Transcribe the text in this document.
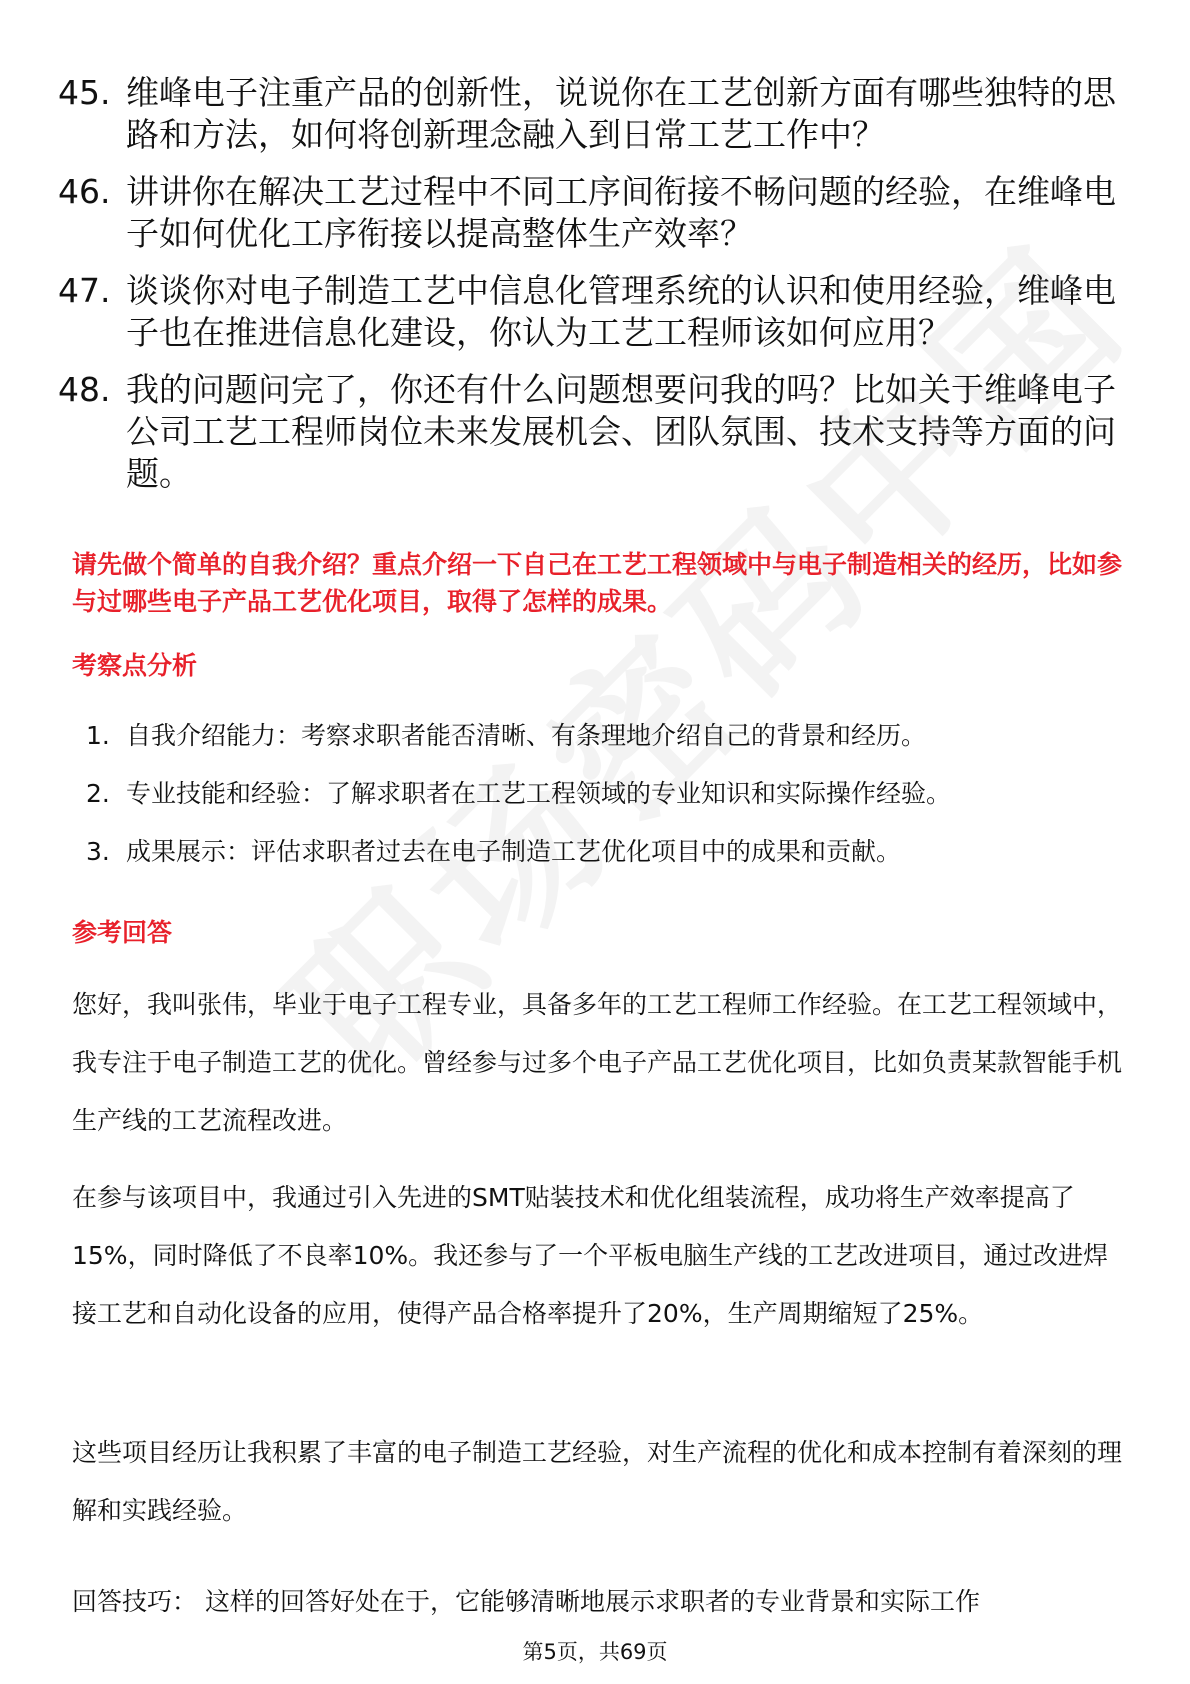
45. 维峰电子注重产品的创新性，说说你在工艺创新方面有哪些独特的思路和方法，如何将创新理念融入到日常工艺工作中？
46. 讲讲你在解决工艺过程中不同工序间衔接不畅问题的经验，在维峰电子如何优化工序衔接以提高整体生产效率？
47. 谈谈你对电子制造工艺中信息化管理系统的认识和使用经验，维峰电子也在推进信息化建设，你认为工艺工程师该如何应用？
48. 我的问题问完了，你还有什么问题想要问我的吗？比如关于维峰电子公司工艺工程师岗位未来发展机会、团队氛围、技术支持等方面的问题。

请先做个简单的自我介绍？重点介绍一下自己在工艺工程领域中与电子制造相关的经历，比如参与过哪些电子产品工艺优化项目，取得了怎样的成果。

考察点分析
1. 自我介绍能力：考察求职者能否清晰、有条理地介绍自己的背景和经历。
2. 专业技能和经验：了解求职者在工艺工程领域的专业知识和实际操作经验。
3. 成果展示：评估求职者过去在电子制造工艺优化项目中的成果和贡献。
参考回答

您好，我叫张伟，毕业于电子工程专业，具备多年的工艺工程师工作经验。在工艺工程领域中，我专注于电子制造工艺的优化。曾经参与过多个电子产品工艺优化项目，比如负责某款智能手机生产线的工艺流程改进。

在参与该项目中，我通过引入先进的SMT贴装技术和优化组装流程，成功将生产效率提高了15%，同时降低了不良率10%。我还参与了一个平板电脑生产线的工艺改进项目，通过改进焊接工艺和自动化设备的应用，使得产品合格率提升了20%，生产周期缩短了25%。

这些项目经历让我积累了丰富的电子制造工艺经验，对生产流程的优化和成本控制有着深刻的理解和实践经验。

回答技巧： 这样的回答好处在于，它能够清晰地展示求职者的专业背景和实际工作

第5页，共69页
